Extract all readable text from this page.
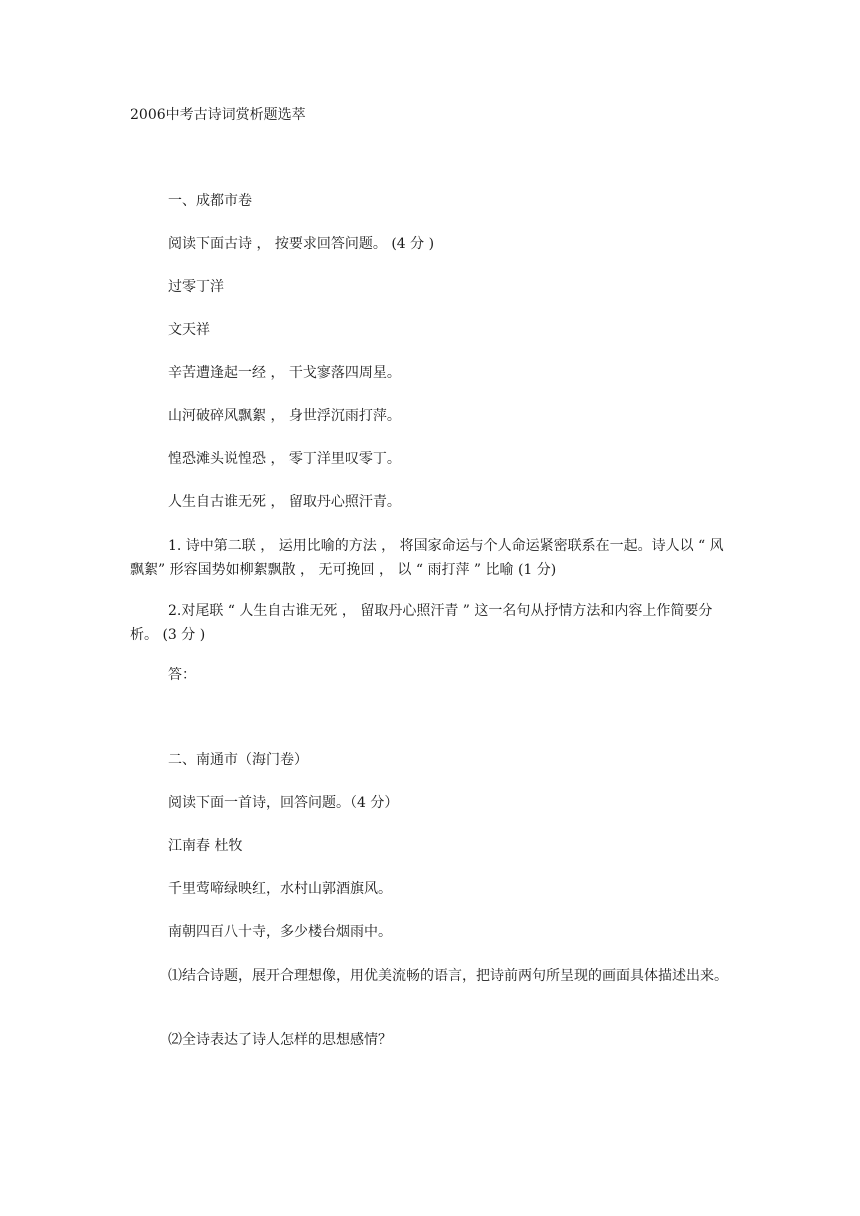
2006中考古诗词赏析题选萃

一、成都市卷

阅读下面古诗 ， 按要求回答问题。 (4 分 )

过零丁洋

文天祥

辛苦遭逢起一经 ， 干戈寥落四周星。

山河破碎风飘絮 ， 身世浮沉雨打萍。

惶恐滩头说惶恐 ， 零丁洋里叹零丁。

人生自古谁无死 ， 留取丹心照汗青。

1. 诗中第二联 ， 运用比喻的方法 ， 将国家命运与个人命运紧密联系在一起。诗人以 “ 风飘絮” 形容国势如柳絮飘散 ， 无可挽回 ， 以 “ 雨打萍 ” 比喻 (1 分)

2.对尾联 “ 人生自古谁无死 ， 留取丹心照汗青 ” 这一名句从抒情方法和内容上作简要分析。 (3 分 )

答：

二、南通市（海门卷）

阅读下面一首诗，回答问题。（4 分）

江南春 杜牧

千里莺啼绿映红，水村山郭酒旗风。

南朝四百八十寺，多少楼台烟雨中。

⑴结合诗题，展开合理想像，用优美流畅的语言，把诗前两句所呈现的画面具体描述出来。

⑵全诗表达了诗人怎样的思想感情？
